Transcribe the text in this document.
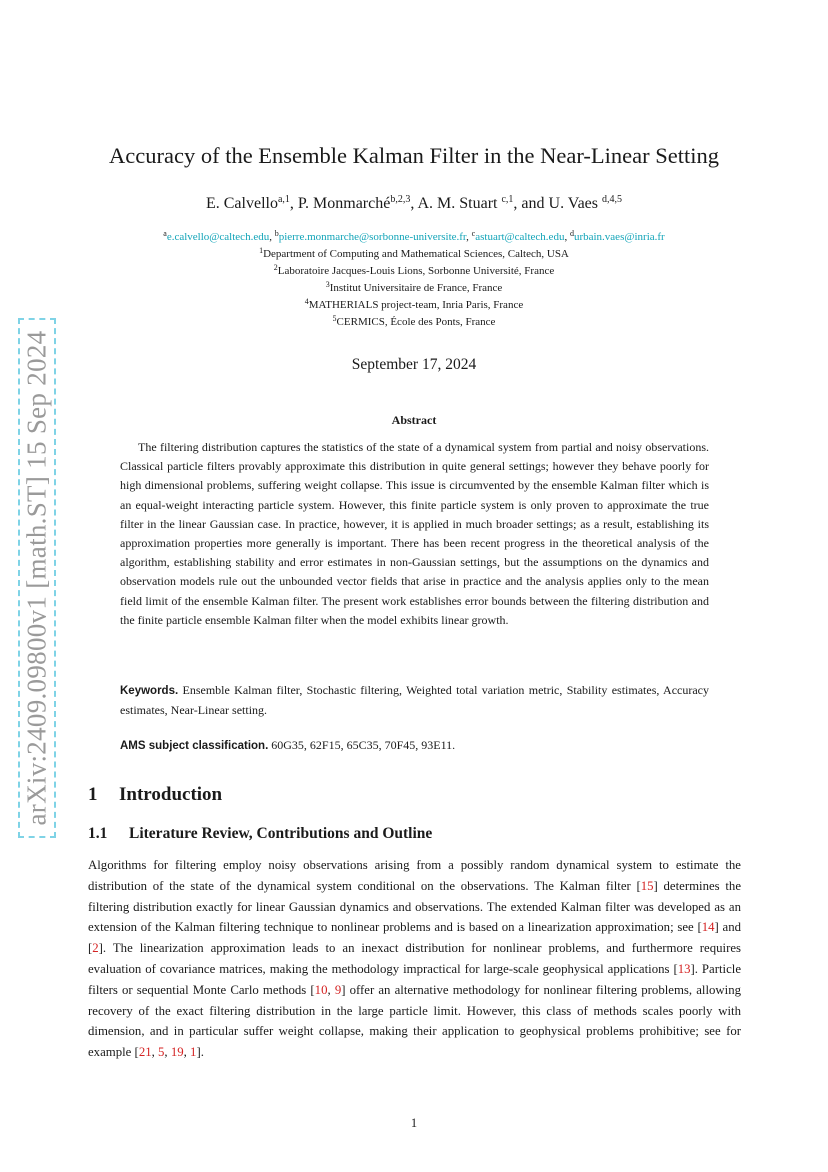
arXiv:2409.09800v1 [math.ST] 15 Sep 2024
Accuracy of the Ensemble Kalman Filter in the Near-Linear Setting
E. Calvello$^{a,1}$, P. Monmarché$^{b,2,3}$, A. M. Stuart $^{c,1}$, and U. Vaes $^{d,4,5}$
$^a$e.calvello@caltech.edu, $^b$pierre.monmarche@sorbonne-universite.fr, $^c$astuart@caltech.edu, $^d$urbain.vaes@inria.fr
$^1$Department of Computing and Mathematical Sciences, Caltech, USA
$^2$Laboratoire Jacques-Louis Lions, Sorbonne Université, France
$^3$Institut Universitaire de France, France
$^4$MATHERIALS project-team, Inria Paris, France
$^5$CERMICS, École des Ponts, France
September 17, 2024
Abstract
The filtering distribution captures the statistics of the state of a dynamical system from partial and noisy observations. Classical particle filters provably approximate this distribution in quite general settings; however they behave poorly for high dimensional problems, suffering weight collapse. This issue is circumvented by the ensemble Kalman filter which is an equal-weight interacting particle system. However, this finite particle system is only proven to approximate the true filter in the linear Gaussian case. In practice, however, it is applied in much broader settings; as a result, establishing its approximation properties more generally is important. There has been recent progress in the theoretical analysis of the algorithm, establishing stability and error estimates in non-Gaussian settings, but the assumptions on the dynamics and observation models rule out the unbounded vector fields that arise in practice and the analysis applies only to the mean field limit of the ensemble Kalman filter. The present work establishes error bounds between the filtering distribution and the finite particle ensemble Kalman filter when the model exhibits linear growth.
Keywords. Ensemble Kalman filter, Stochastic filtering, Weighted total variation metric, Stability estimates, Accuracy estimates, Near-Linear setting.
AMS subject classification. 60G35, 62F15, 65C35, 70F45, 93E11.
1 Introduction
1.1 Literature Review, Contributions and Outline
Algorithms for filtering employ noisy observations arising from a possibly random dynamical system to estimate the distribution of the state of the dynamical system conditional on the observations. The Kalman filter [15] determines the filtering distribution exactly for linear Gaussian dynamics and observations. The extended Kalman filter was developed as an extension of the Kalman filtering technique to nonlinear problems and is based on a linearization approximation; see [14] and [2]. The linearization approximation leads to an inexact distribution for nonlinear problems, and furthermore requires evaluation of covariance matrices, making the methodology impractical for large-scale geophysical applications [13]. Particle filters or sequential Monte Carlo methods [10, 9] offer an alternative methodology for nonlinear filtering problems, allowing recovery of the exact filtering distribution in the large particle limit. However, this class of methods scales poorly with dimension, and in particular suffer weight collapse, making their application to geophysical problems prohibitive; see for example [21, 5, 19, 1].
1
